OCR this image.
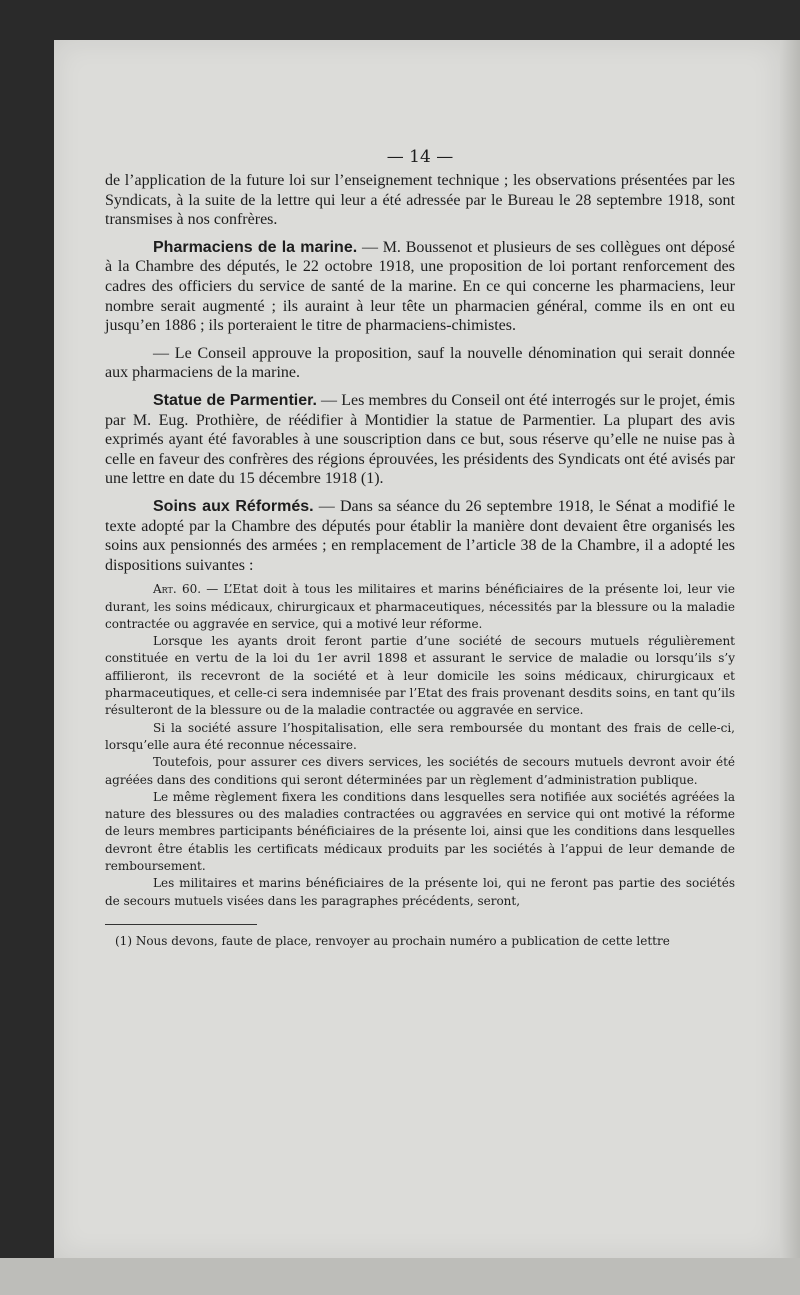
— 14 —

de l’application de la future loi sur l’enseignement technique ; les observations présentées par les Syndicats, à la suite de la lettre qui leur a été adressée par le Bureau le 28 septembre 1918, sont transmises à nos confrères.

Pharmaciens de la marine. — M. Boussenot et plusieurs de ses collègues ont déposé à la Chambre des députés, le 22 octobre 1918, une proposition de loi portant renforcement des cadres des officiers du service de santé de la marine. En ce qui concerne les pharmaciens, leur nombre serait augmenté ; ils auraint à leur tête un pharmacien général, comme ils en ont eu jusqu’en 1886 ; ils porteraient le titre de pharmaciens-chimistes.

— Le Conseil approuve la proposition, sauf la nouvelle dénomination qui serait donnée aux pharmaciens de la marine.

Statue de Parmentier. — Les membres du Conseil ont été interrogés sur le projet, émis par M. Eug. Prothière, de réédifier à Montidier la statue de Parmentier. La plupart des avis exprimés ayant été favorables à une souscription dans ce but, sous réserve qu’elle ne nuise pas à celle en faveur des confrères des régions éprouvées, les présidents des Syndicats ont été avisés par une lettre en date du 15 décembre 1918 (1).

Soins aux Réformés. — Dans sa séance du 26 septembre 1918, le Sénat a modifié le texte adopté par la Chambre des députés pour établir la manière dont devaient être organisés les soins aux pensionnés des armées ; en remplacement de l’article 38 de la Chambre, il a adopté les dispositions suivantes :

Art. 60. — L’Etat doit à tous les militaires et marins bénéficiaires de la présente loi, leur vie durant, les soins médicaux, chirurgicaux et pharmaceutiques, nécessités par la blessure ou la maladie contractée ou aggravée en service, qui a motivé leur réforme.

Lorsque les ayants droit feront partie d’une société de secours mutuels régulièrement constituée en vertu de la loi du 1er avril 1898 et assurant le service de maladie ou lorsqu’ils s’y affilieront, ils recevront de la société et à leur domicile les soins médicaux, chirurgicaux et pharmaceutiques, et celle-ci sera indemnisée par l’Etat des frais provenant desdits soins, en tant qu’ils résulteront de la blessure ou de la maladie contractée ou aggravée en service.

Si la société assure l’hospitalisation, elle sera remboursée du montant des frais de celle-ci, lorsqu’elle aura été reconnue nécessaire.

Toutefois, pour assurer ces divers services, les sociétés de secours mutuels devront avoir été agréées dans des conditions qui seront déterminées par un règlement d’administration publique.

Le même règlement fixera les conditions dans lesquelles sera notifiée aux sociétés agréées la nature des blessures ou des maladies contractées ou aggravées en service qui ont motivé la réforme de leurs membres participants bénéficiaires de la présente loi, ainsi que les conditions dans lesquelles devront être établis les certificats médicaux produits par les sociétés à l’appui de leur demande de remboursement.

Les militaires et marins bénéficiaires de la présente loi, qui ne feront pas partie des sociétés de secours mutuels visées dans les paragraphes précédents, seront,

(1) Nous devons, faute de place, renvoyer au prochain numéro a publication de cette lettre
